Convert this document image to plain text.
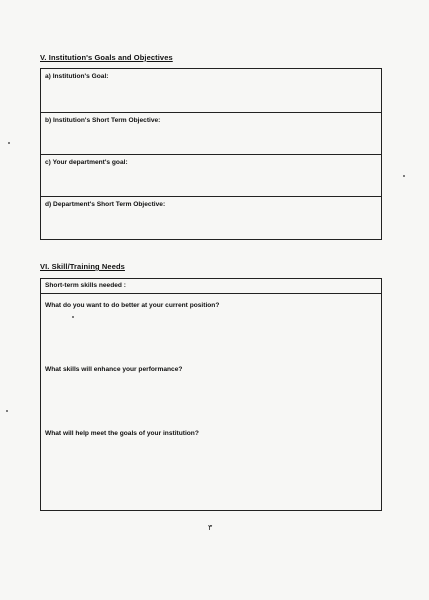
V. Institution's Goals and Objectives
a) Institution's Goal:
b) Institution's Short Term Objective:
c) Your department's goal:
d) Department's Short Term Objective:
VI. Skill/Training Needs
Short-term skills needed :
What do you want to do better at your current position?
What skills will enhance your performance?
What will help meet the goals of your institution?
٣
